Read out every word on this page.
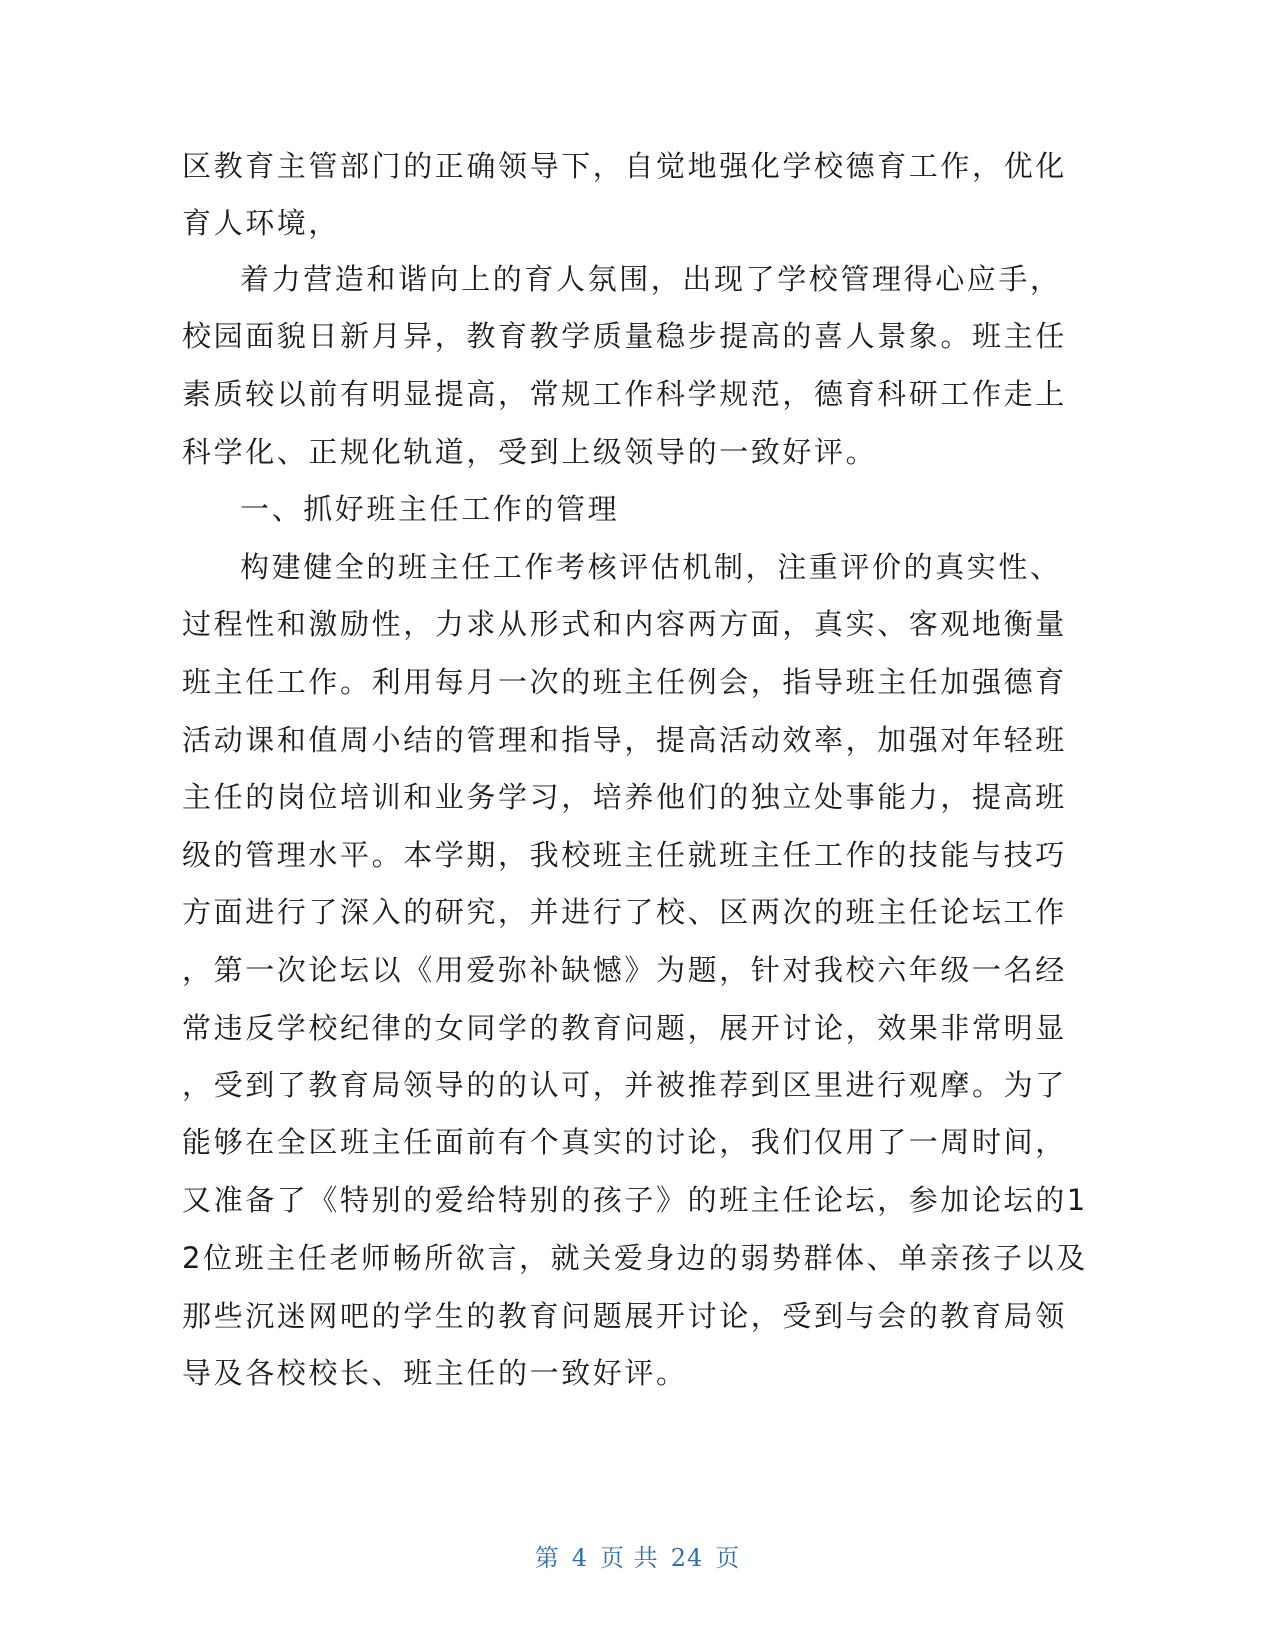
区教育主管部门的正确领导下，自觉地强化学校德育工作，优化
育人环境，
着力营造和谐向上的育人氛围，出现了学校管理得心应手，
校园面貌日新月异，教育教学质量稳步提高的喜人景象。班主任
素质较以前有明显提高，常规工作科学规范，德育科研工作走上
科学化、正规化轨道，受到上级领导的一致好评。
一、抓好班主任工作的管理
构建健全的班主任工作考核评估机制，注重评价的真实性、
过程性和激励性，力求从形式和内容两方面，真实、客观地衡量
班主任工作。利用每月一次的班主任例会，指导班主任加强德育
活动课和值周小结的管理和指导，提高活动效率，加强对年轻班
主任的岗位培训和业务学习，培养他们的独立处事能力，提高班
级的管理水平。本学期，我校班主任就班主任工作的技能与技巧
方面进行了深入的研究，并进行了校、区两次的班主任论坛工作
，第一次论坛以《用爱弥补缺憾》为题，针对我校六年级一名经
常违反学校纪律的女同学的教育问题，展开讨论，效果非常明显
，受到了教育局领导的的认可，并被推荐到区里进行观摩。为了
能够在全区班主任面前有个真实的讨论，我们仅用了一周时间，
又准备了《特别的爱给特别的孩子》的班主任论坛，参加论坛的1
2位班主任老师畅所欲言，就关爱身边的弱势群体、单亲孩子以及
那些沉迷网吧的学生的教育问题展开讨论，受到与会的教育局领
导及各校校长、班主任的一致好评。
第 4 页 共 24 页
